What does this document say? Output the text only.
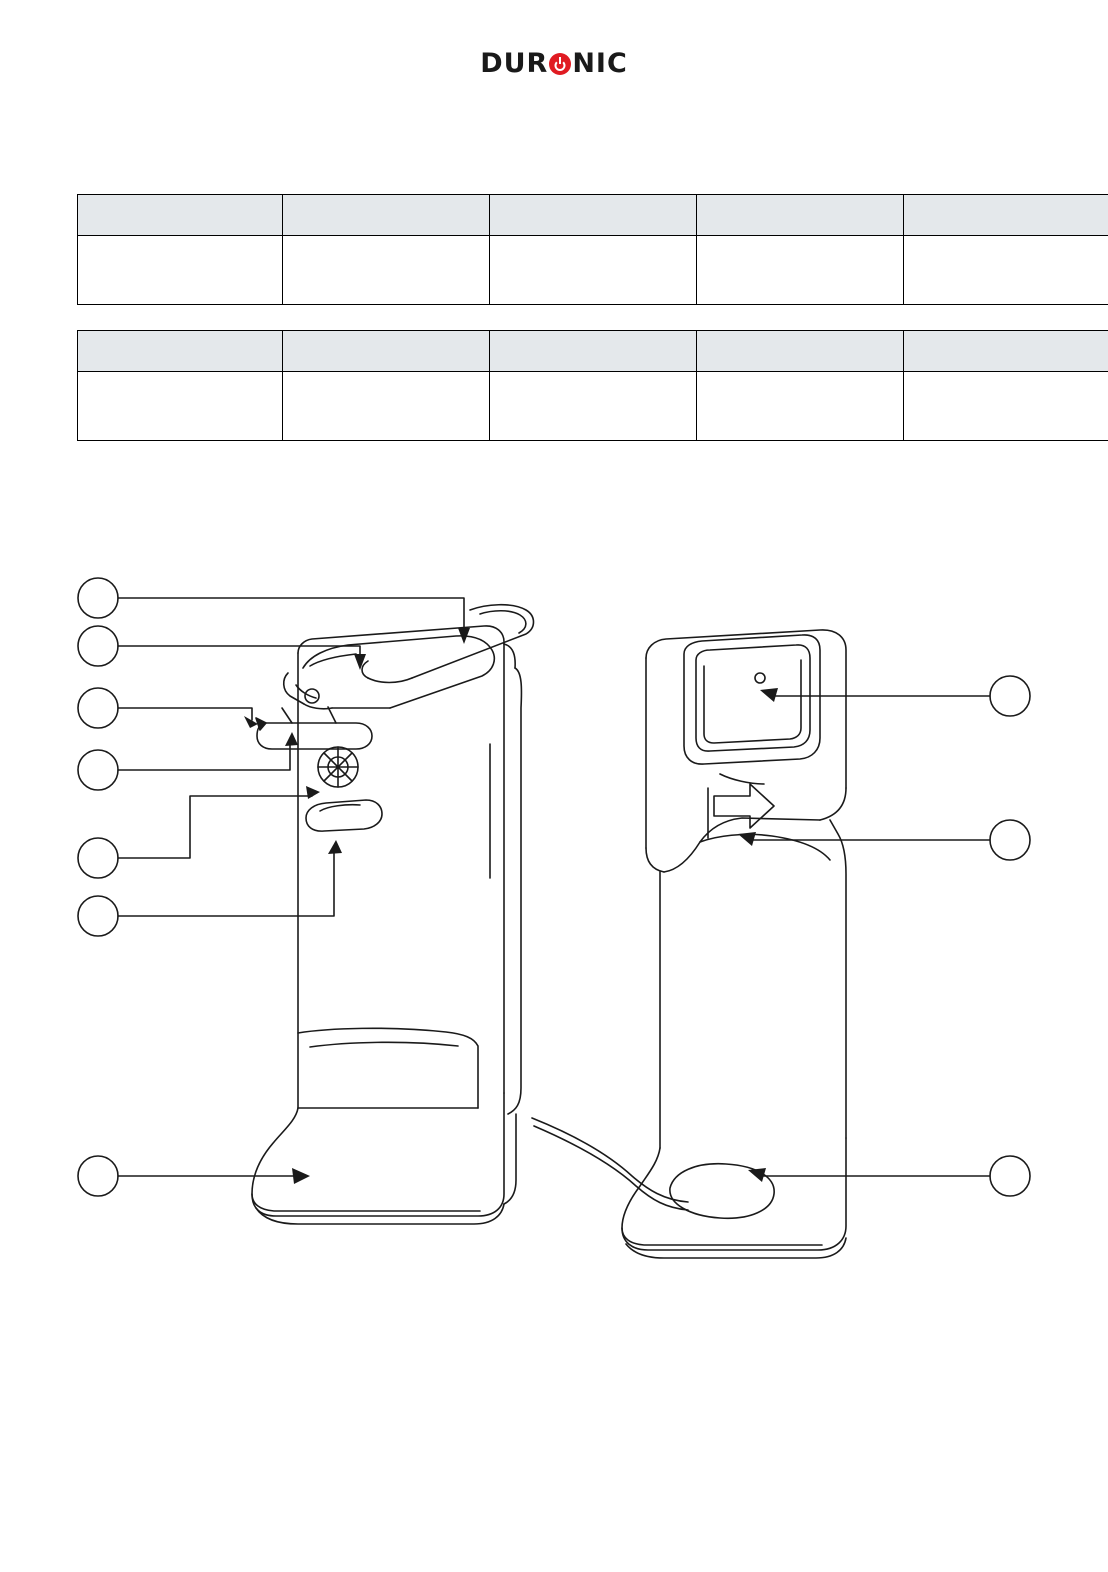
DUR NIC
